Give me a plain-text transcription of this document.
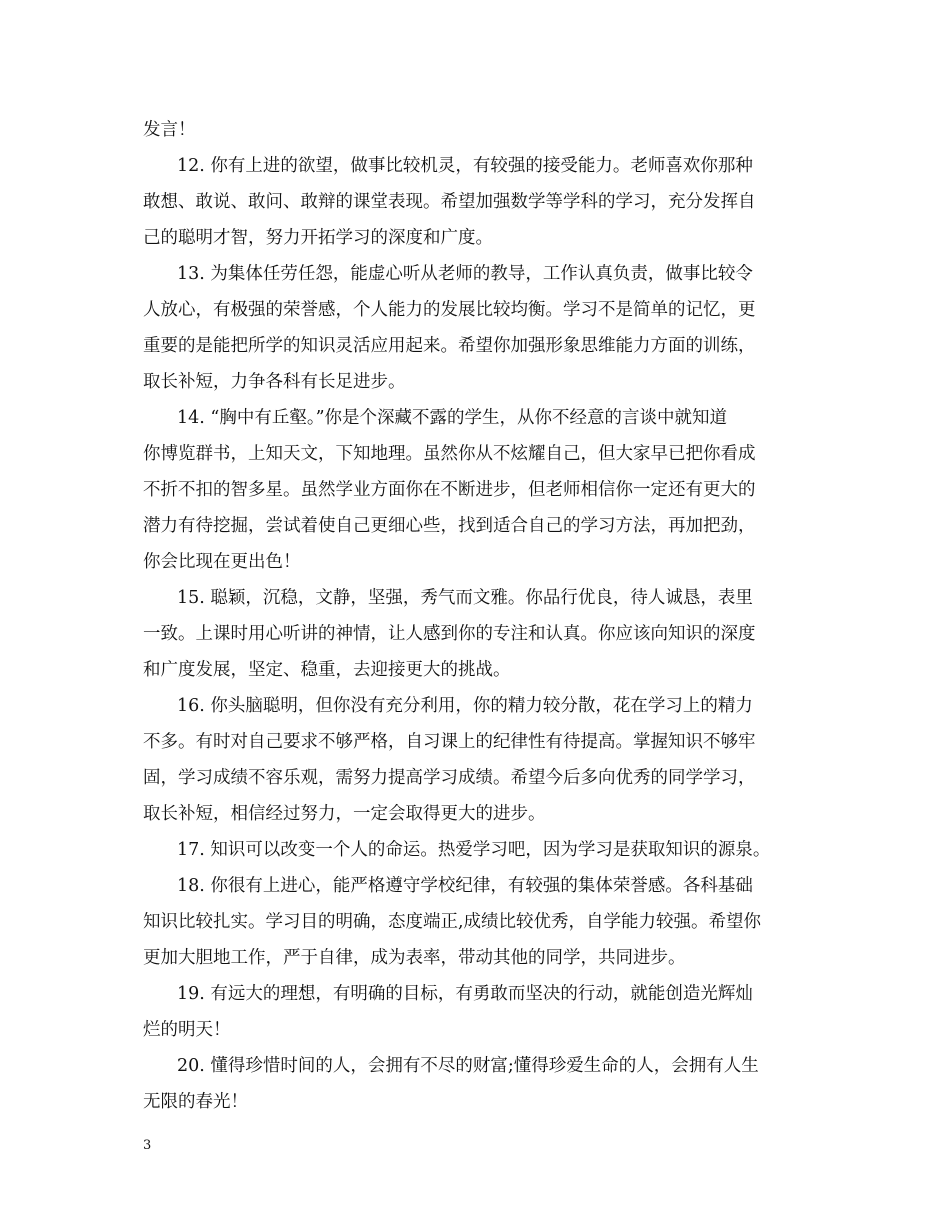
发言！
12. 你有上进的欲望，做事比较机灵，有较强的接受能力。老师喜欢你那种
敢想、敢说、敢问、敢辩的课堂表现。希望加强数学等学科的学习，充分发挥自
己的聪明才智，努力开拓学习的深度和广度。
13. 为集体任劳任怨，能虚心听从老师的教导，工作认真负责，做事比较令
人放心，有极强的荣誉感，个人能力的发展比较均衡。学习不是简单的记忆，更
重要的是能把所学的知识灵活应用起来。希望你加强形象思维能力方面的训练，
取长补短，力争各科有长足进步。
14. “胸中有丘壑。”你是个深藏不露的学生，从你不经意的言谈中就知道
你博览群书，上知天文，下知地理。虽然你从不炫耀自己，但大家早已把你看成
不折不扣的智多星。虽然学业方面你在不断进步，但老师相信你一定还有更大的
潜力有待挖掘，尝试着使自己更细心些，找到适合自己的学习方法，再加把劲，
你会比现在更出色！
15. 聪颖，沉稳，文静，坚强，秀气而文雅。你品行优良，待人诚恳，表里
一致。上课时用心听讲的神情，让人感到你的专注和认真。你应该向知识的深度
和广度发展，坚定、稳重，去迎接更大的挑战。
16. 你头脑聪明，但你没有充分利用，你的精力较分散，花在学习上的精力
不多。有时对自己要求不够严格，自习课上的纪律性有待提高。掌握知识不够牢
固，学习成绩不容乐观，需努力提高学习成绩。希望今后多向优秀的同学学习，
取长补短，相信经过努力，一定会取得更大的进步。
17. 知识可以改变一个人的命运。热爱学习吧，因为学习是获取知识的源泉。
18. 你很有上进心，能严格遵守学校纪律，有较强的集体荣誉感。各科基础
知识比较扎实。学习目的明确，态度端正,成绩比较优秀，自学能力较强。希望你
更加大胆地工作，严于自律，成为表率，带动其他的同学，共同进步。
19. 有远大的理想，有明确的目标，有勇敢而坚决的行动，就能创造光辉灿
烂的明天！
20. 懂得珍惜时间的人，会拥有不尽的财富;懂得珍爱生命的人，会拥有人生
无限的春光！
3
